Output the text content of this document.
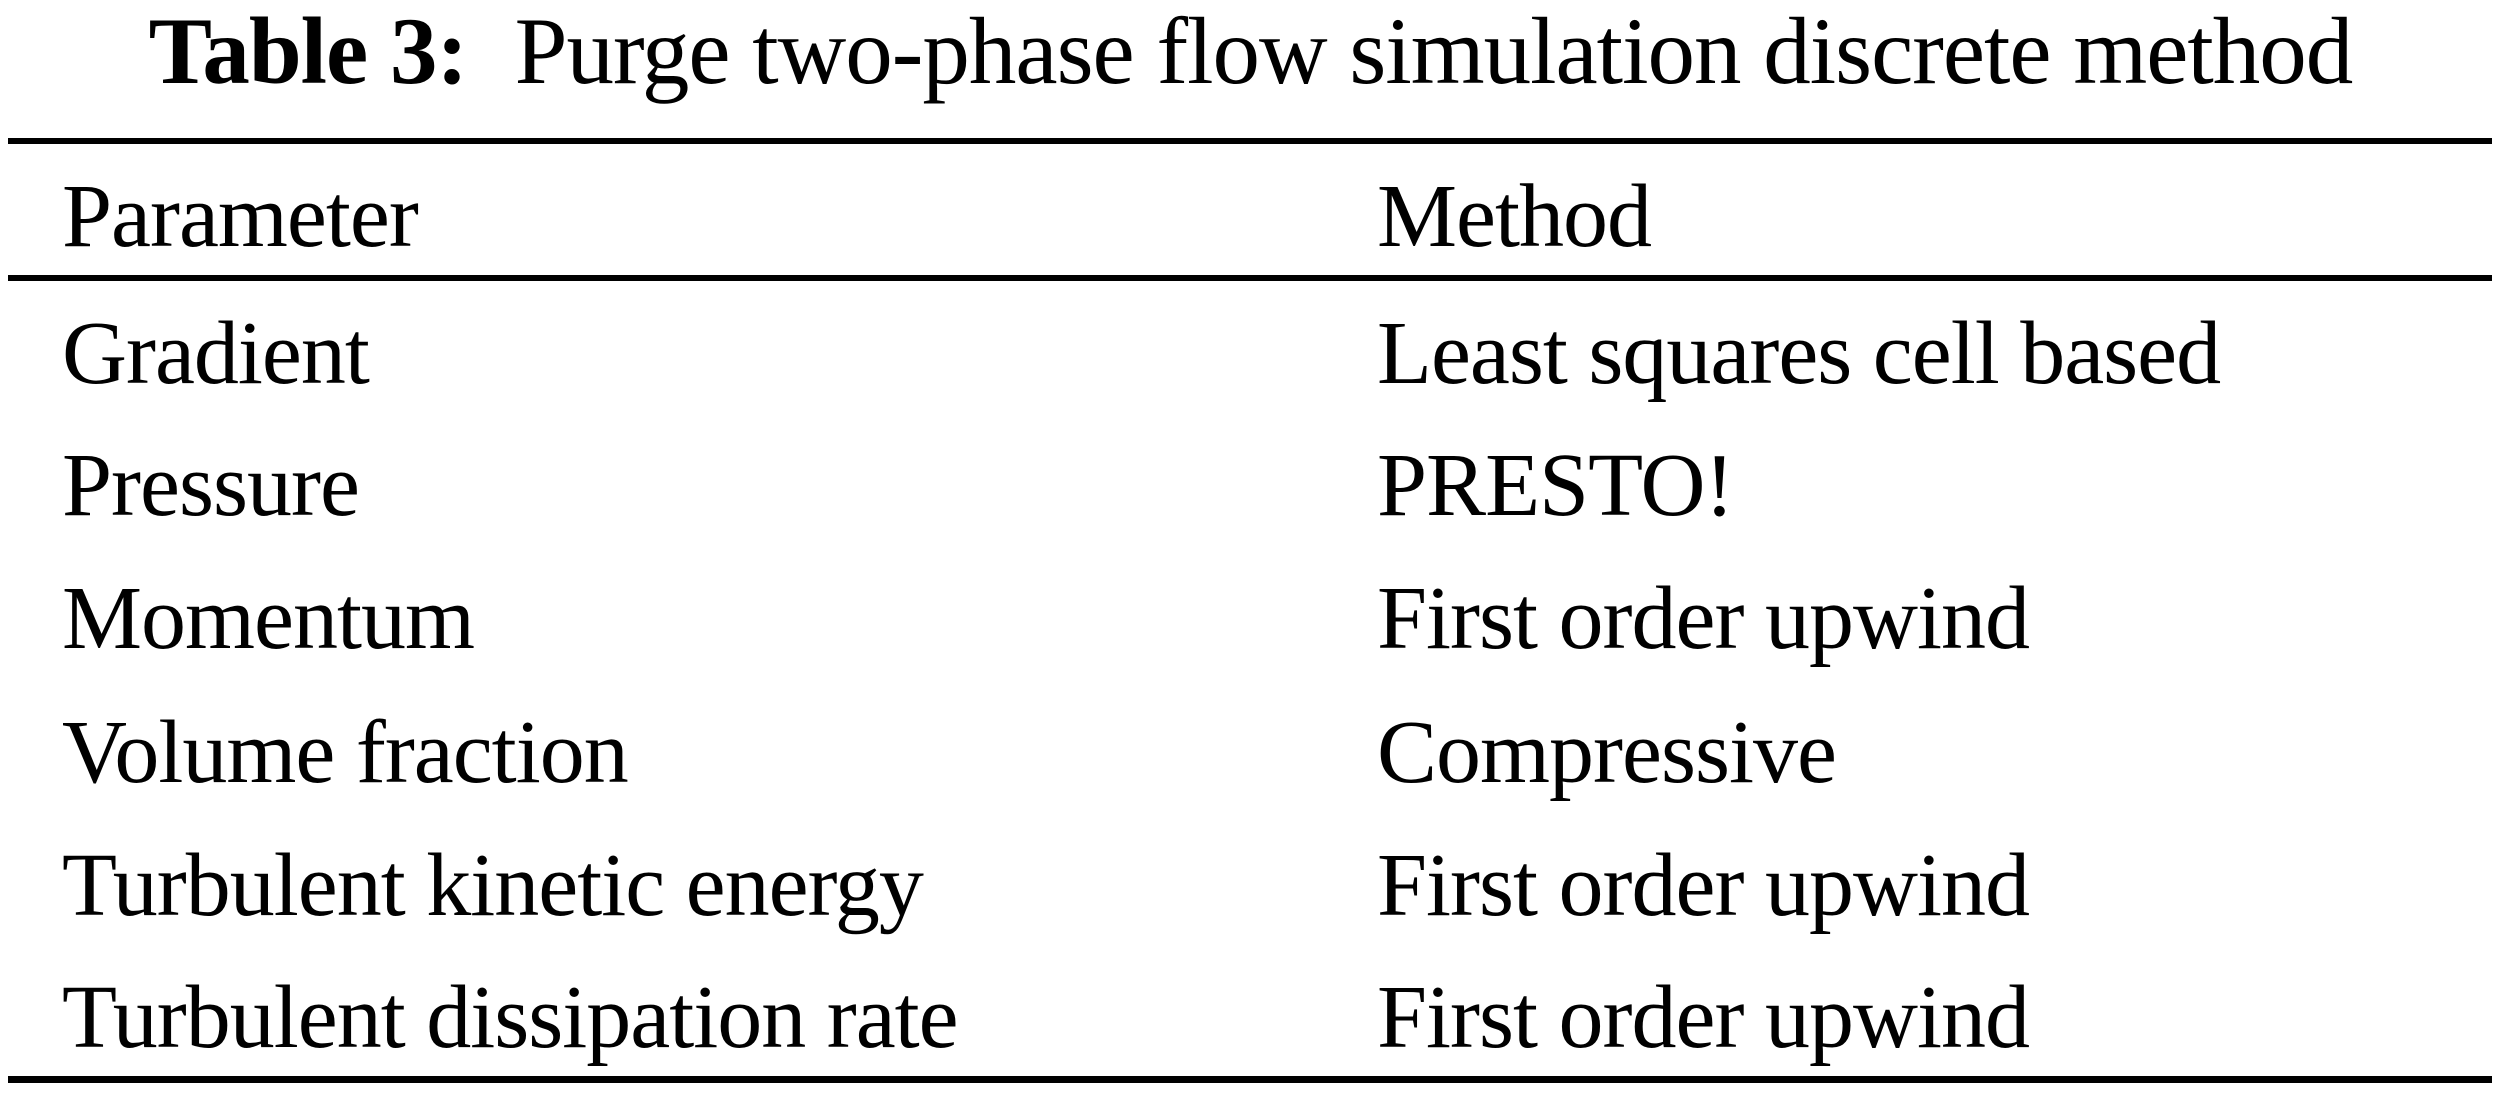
Table 3: Purge two-phase flow simulation discrete method
Parameter	Method
Gradient	Least squares cell based
Pressure	PRESTO!
Momentum	First order upwind
Volume fraction	Compressive
Turbulent kinetic energy	First order upwind
Turbulent dissipation rate	First order upwind
